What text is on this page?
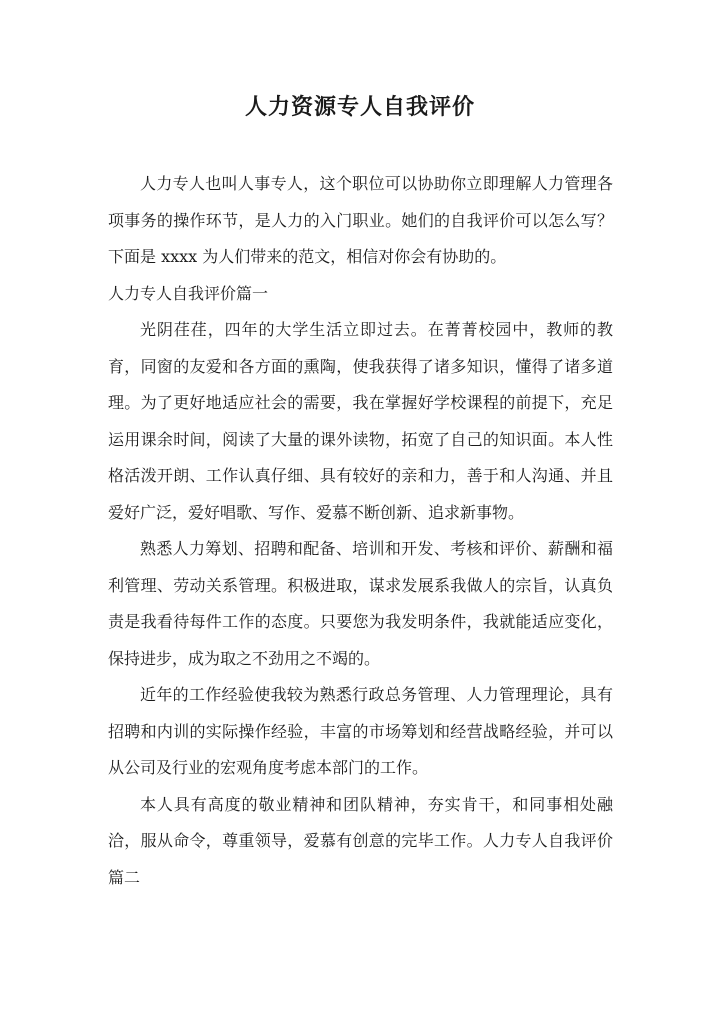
人力资源专人自我评价

人力专人也叫人事专人，这个职位可以协助你立即理解人力管理各项事务的操作环节，是人力的入门职业。她们的自我评价可以怎么写？下面是 xxxx 为人们带来的范文，相信对你会有协助的。

人力专人自我评价篇一

光阴荏荏，四年的大学生活立即过去。在菁菁校园中，教师的教育，同窗的友爱和各方面的熏陶，使我获得了诸多知识，懂得了诸多道理。为了更好地适应社会的需要，我在掌握好学校课程的前提下，充足运用课余时间，阅读了大量的课外读物，拓宽了自己的知识面。本人性格活泼开朗、工作认真仔细、具有较好的亲和力，善于和人沟通、并且爱好广泛，爱好唱歌、写作、爱慕不断创新、追求新事物。

熟悉人力筹划、招聘和配备、培训和开发、考核和评价、薪酬和福利管理、劳动关系管理。积极进取，谋求发展系我做人的宗旨，认真负责是我看待每件工作的态度。只要您为我发明条件，我就能适应变化，保持进步，成为取之不劲用之不竭的。

近年的工作经验使我较为熟悉行政总务管理、人力管理理论，具有招聘和内训的实际操作经验，丰富的市场筹划和经营战略经验，并可以从公司及行业的宏观角度考虑本部门的工作。

本人具有高度的敬业精神和团队精神，夯实肯干，和同事相处融洽，服从命令，尊重领导，爱慕有创意的完毕工作。人力专人自我评价篇二
